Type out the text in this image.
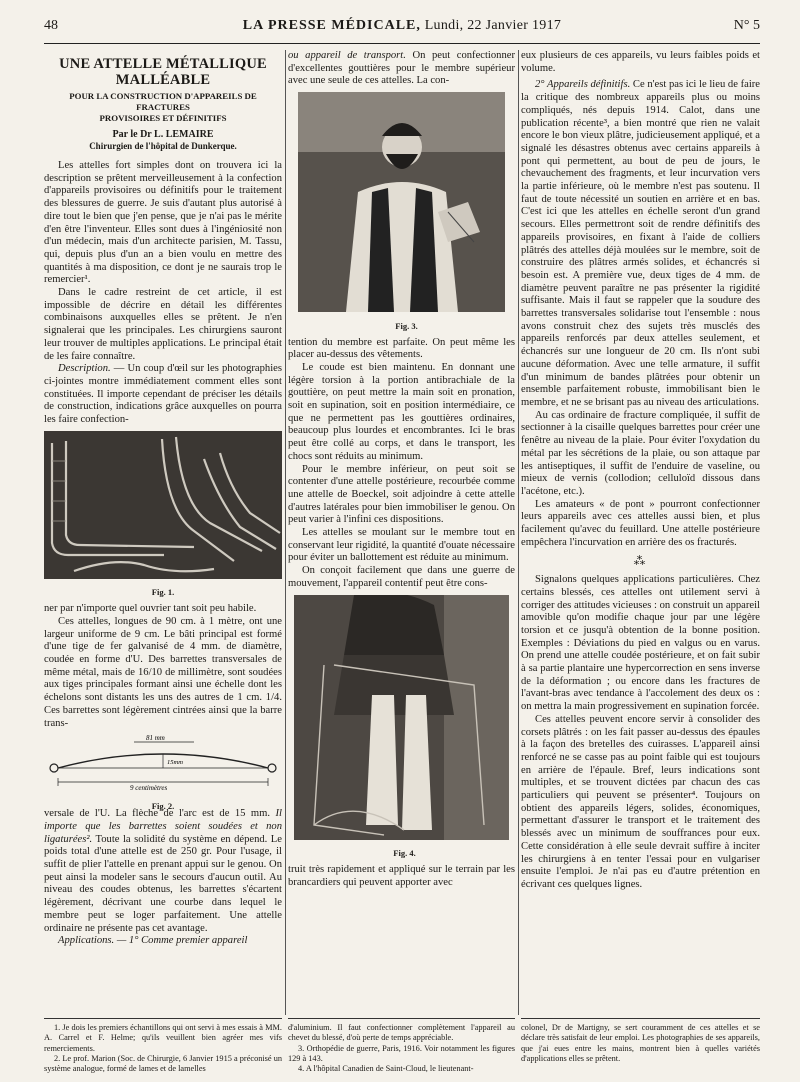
48	LA PRESSE MÉDICALE, Lundi, 22 Janvier 1917	N° 5
UNE ATTELLE MÉTALLIQUE MALLÉABLE
POUR LA CONSTRUCTION D'APPAREILS DE FRACTURES
PROVISOIRES ET DÉFINITIFS
Par le Dr L. LEMAIRE
Chirurgien de l'hôpital de Dunkerque.

Les attelles fort simples dont on trouvera ici la description se prêtent merveilleusement à la confection d'appareils provisoires ou définitifs pour le traitement des blessures de guerre. Je suis d'autant plus autorisé à dire tout le bien que j'en pense, que je n'ai pas le mérite d'en être l'inventeur. Elles sont dues à l'ingéniosité non d'un médecin, mais d'un architecte parisien, M. Tassu, qui, depuis plus d'un an a bien voulu en mettre des quantités à ma disposition, ce dont je ne saurais trop le remercier¹.

Dans le cadre restreint de cet article, il est impossible de décrire en détail les différentes combinaisons auxquelles elles se prêtent. Je n'en signalerai que les principales. Les chirurgiens sauront leur trouver de multiples applications. Le principal était de les faire connaître.

Description. — Un coup d'œil sur les photographies ci-jointes montre immédiatement comment elles sont constituées. Il importe cependant de préciser les détails de construction, indications grâce auxquelles on pourra les faire confection-

Fig. 1.

ner par n'importe quel ouvrier tant soit peu habile.

Ces attelles, longues de 90 cm. à 1 mètre, ont une largeur uniforme de 9 cm. Le bâti principal est formé d'une tige de fer galvanisé de 4 mm. de diamètre, coudée en forme d'U. Des barrettes transversales de même métal, mais de 16/10 de millimètre, sont soudées aux tiges principales formant ainsi une échelle dont les échelons sont distants les uns des autres de 1 cm. 1/4. Ces barrettes sont légèrement cintrées ainsi que la barre trans-

81 mm
15mm
9 centimètres
Fig. 2.

versale de l'U. La flèche de l'arc est de 15 mm. Il importe que les barrettes soient soudées et non ligaturées². Toute la solidité du système en dépend. Le poids total d'une attelle est de 250 gr. Pour l'usage, il suffit de plier l'attelle en prenant appui sur le genou. On peut ainsi la modeler sans le secours d'aucun outil. Au niveau des coudes obtenus, les barrettes s'écartent légèrement, décrivant une courbe dans lequel le membre peut se loger parfaitement. Une attelle ordinaire ne présente pas cet avantage.

Applications. — 1° Comme premier appareil

ou appareil de transport. On peut confectionner d'excellentes gouttières pour le membre supérieur avec une seule de ces attelles. La con-

Fig. 3.

tention du membre est parfaite. On peut même les placer au-dessus des vêtements.

Le coude est bien maintenu. En donnant une légère torsion à la portion antibrachiale de la gouttière, on peut mettre la main soit en pronation, soit en supination, soit en position intermédiaire, ce que ne permettent pas les gouttières ordinaires, beaucoup plus lourdes et encombrantes. Ici le bras peut être collé au corps, et dans le transport, les chocs sont réduits au minimum.

Pour le membre inférieur, on peut soit se contenter d'une attelle postérieure, recourbée comme une attelle de Boeckel, soit adjoindre à cette attelle d'autres latérales pour bien immobiliser le genou. On peut varier à l'infini ces dispositions.

Les attelles se moulant sur le membre tout en conservant leur rigidité, la quantité d'ouate nécessaire pour éviter un ballottement est réduite au minimum.

On conçoit facilement que dans une guerre de mouvement, l'appareil contentif peut être cons-

Fig. 4.

truit très rapidement et appliqué sur le terrain par les brancardiers qui peuvent apporter avec

eux plusieurs de ces appareils, vu leurs faibles poids et volume.

2° Appareils définitifs. Ce n'est pas ici le lieu de faire la critique des nombreux appareils plus ou moins compliqués, nés depuis 1914. Calot, dans une publication récente³, a bien montré que rien ne valait encore le bon vieux plâtre, judicieusement appliqué, et a signalé les désastres obtenus avec certains appareils à pont qui permettent, au bout de peu de jours, le chevauchement des fragments, et leur incurvation vers la partie inférieure, où le membre n'est pas soutenu. Il faut de toute nécessité un soutien en arrière et en bas. C'est ici que les attelles en échelle seront d'un grand secours. Elles permettront soit de rendre définitifs des appareils provisoires, en fixant à l'aide de colliers plâtrés des attelles déjà moulées sur le membre, soit de construire des plâtres armés solides, et échancrés si besoin est. A première vue, deux tiges de 4 mm. de diamètre peuvent paraître ne pas présenter la rigidité suffisante. Mais il faut se rappeler que la soudure des barrettes transversales solidarise tout l'ensemble : nous avons construit chez des sujets très musclés des appareils renforcés par deux attelles seulement, et échancrés sur une longueur de 20 cm. Ils n'ont subi aucune déformation. Avec une telle armature, il suffit d'un minimum de bandes plâtrées pour obtenir un ensemble parfaitement robuste, immobilisant bien le membre, et ne se brisant pas au niveau des articulations.

Au cas ordinaire de fracture compliquée, il suffit de sectionner à la cisaille quelques barrettes pour créer une fenêtre au niveau de la plaie. Pour éviter l'oxydation du métal par les sécrétions de la plaie, ou son attaque par les antiseptiques, il suffit de l'enduire de vaseline, ou mieux de vernis (collodion; celluloïd dissous dans l'acétone, etc.).

Les amateurs « de pont » pourront confectionner leurs appareils avec ces attelles aussi bien, et plus facilement qu'avec du feuillard. Une attelle postérieure empêchera l'incurvation en arrière des os fracturés.

⁂

Signalons quelques applications particulières. Chez certains blessés, ces attelles ont utilement servi à corriger des attitudes vicieuses : on construit un appareil amovible qu'on modifie chaque jour par une légère torsion et ce jusqu'à obtention de la bonne position. Exemples : Déviations du pied en valgus ou en varus. On prend une attelle coudée postérieure, et on fait subir à sa partie plantaire une hypercorrection en sens inverse de la déformation ; ou encore dans les fractures de l'avant-bras avec tendance à l'accolement des deux os : on mettra la main progressivement en supination forcée.

Ces attelles peuvent encore servir à consolider des corsets plâtrés : on les fait passer au-dessus des épaules à la façon des bretelles des cuirasses. L'appareil ainsi renforcé ne se casse pas au point faible qui est toujours en arrière de l'épaule. Bref, leurs indications sont multiples, et se trouvent dictées par chacun des cas particuliers qui peuvent se présenter⁴. Toujours on obtient des appareils légers, solides, économiques, permettant d'assurer le transport et le traitement des blessés avec un minimum de souffrances pour eux. Cette considération à elle seule devrait suffire à inciter les chirurgiens à en tenter l'essai pour en vulgariser ensuite l'emploi. Je n'ai pas eu d'autre prétention en écrivant ces quelques lignes.

1. Je dois les premiers échantillons qui ont servi à mes essais à MM. A. Carrel et F. Helme; qu'ils veuillent bien agréer mes vifs remerciements.

2. Le prof. Marion (Soc. de Chirurgie, 6 Janvier 1915 a préconisé un système analogue, formé de lames et de lamelles

d'aluminium. Il faut confectionner complètement l'appareil au chevet du blessé, d'où perte de temps appréciable.

3. Orthopédie de guerre, Paris, 1916. Voir notamment les figures 129 à 143.

4. A l'hôpital Canadien de Saint-Cloud, le lieutenant-

colonel, Dr de Martigny, se sert couramment de ces attelles et se déclare très satisfait de leur emploi. Les photographies de ses appareils, que j'ai eues entre les mains, montrent bien à quelles variétés d'applications elles se prêtent.
